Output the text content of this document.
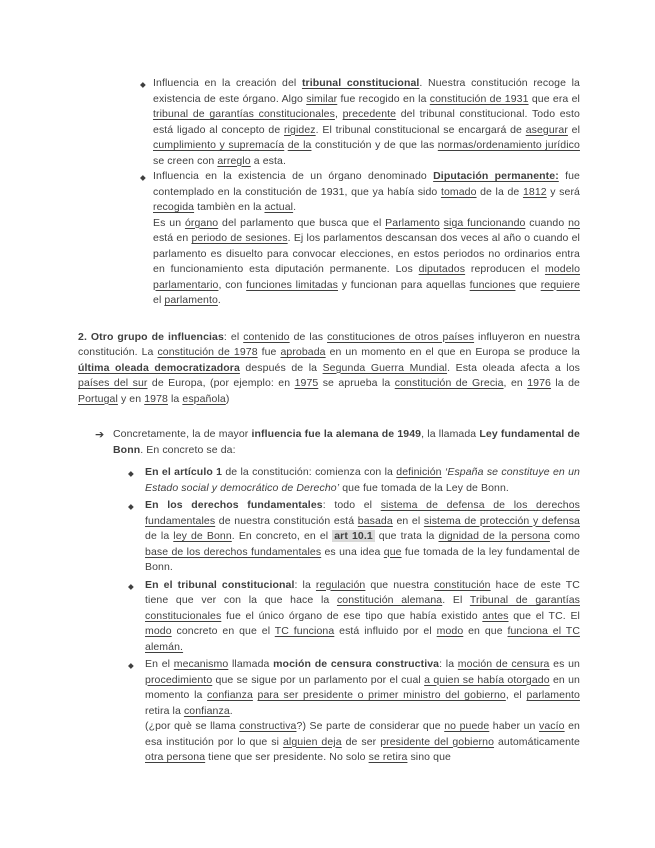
◆ Influencia en la creación del tribunal constitucional. Nuestra constitución recoge la existencia de este órgano. Algo similar fue recogido en la constitución de 1931 que era el tribunal de garantías constitucionales, precedente del tribunal constitucional. Todo esto está ligado al concepto de rigidez. El tribunal constitucional se encargará de asegurar el cumplimiento y supremacía de la constitución y de que las normas/ordenamiento jurídico se creen con arreglo a esta.

◆ Influencia en la existencia de un órgano denominado Diputación permanente: fue contemplado en la constitución de 1931, que ya había sido tomado de la de 1812 y será recogida tambièn en la actual.

Es un órgano del parlamento que busca que el Parlamento siga funcionando cuando no está en periodo de sesiones. Ej los parlamentos descansan dos veces al año o cuando el parlamento es disuelto para convocar elecciones, en estos periodos no ordinarios entra en funcionamiento esta diputación permanente. Los diputados reproducen el modelo parlamentario, con funciones limitadas y funcionan para aquellas funciones que requiere el parlamento.

2. Otro grupo de influencias: el contenido de las constituciones de otros países influyeron en nuestra constitución. La constitución de 1978 fue aprobada en un momento en el que en Europa se produce la última oleada democratizadora después de la Segunda Guerra Mundial. Esta oleada afecta a los países del sur de Europa, (por ejemplo: en 1975 se aprueba la constitución de Grecia, en 1976 la de Portugal y en 1978 la española)

➔ Concretamente, la de mayor influencia fue la alemana de 1949, la llamada Ley fundamental de Bonn. En concreto se da:

◆	En el artículo 1 de la constitución: comienza con la definición ‘España se constituye en un Estado social y democrático de Derecho’ que fue tomada de la Ley de Bonn.

◆	En los derechos fundamentales: todo el sistema de defensa de los derechos fundamentales de nuestra constitución está basada en el sistema de protección y defensa de la ley de Bonn. En concreto, en el art 10.1 que trata la dignidad de la persona como base de los derechos fundamentales es una idea que fue tomada de la ley fundamental de Bonn.

◆	En el tribunal constitucional: la regulación que nuestra constitución hace de este TC tiene que ver con la que hace la constitución alemana. El Tribunal de garantías constitucionales fue el único órgano de ese tipo que había existido antes que el TC. El modo concreto en que el TC funciona está influido por el modo en que funciona el TC alemán.

◆	En el mecanismo llamada moción de censura constructiva: la moción de censura es un procedimiento que se sigue por un parlamento por el cual a quien se había otorgado en un momento la confianza para ser presidente o primer ministro del gobierno, el parlamento retira la confianza.

(¿por què se llama constructiva?) Se parte de considerar que no puede haber un vacío en esa institución por lo que si alguien deja de ser presidente del gobierno automáticamente otra persona tiene que ser presidente. No solo se retira sino que
